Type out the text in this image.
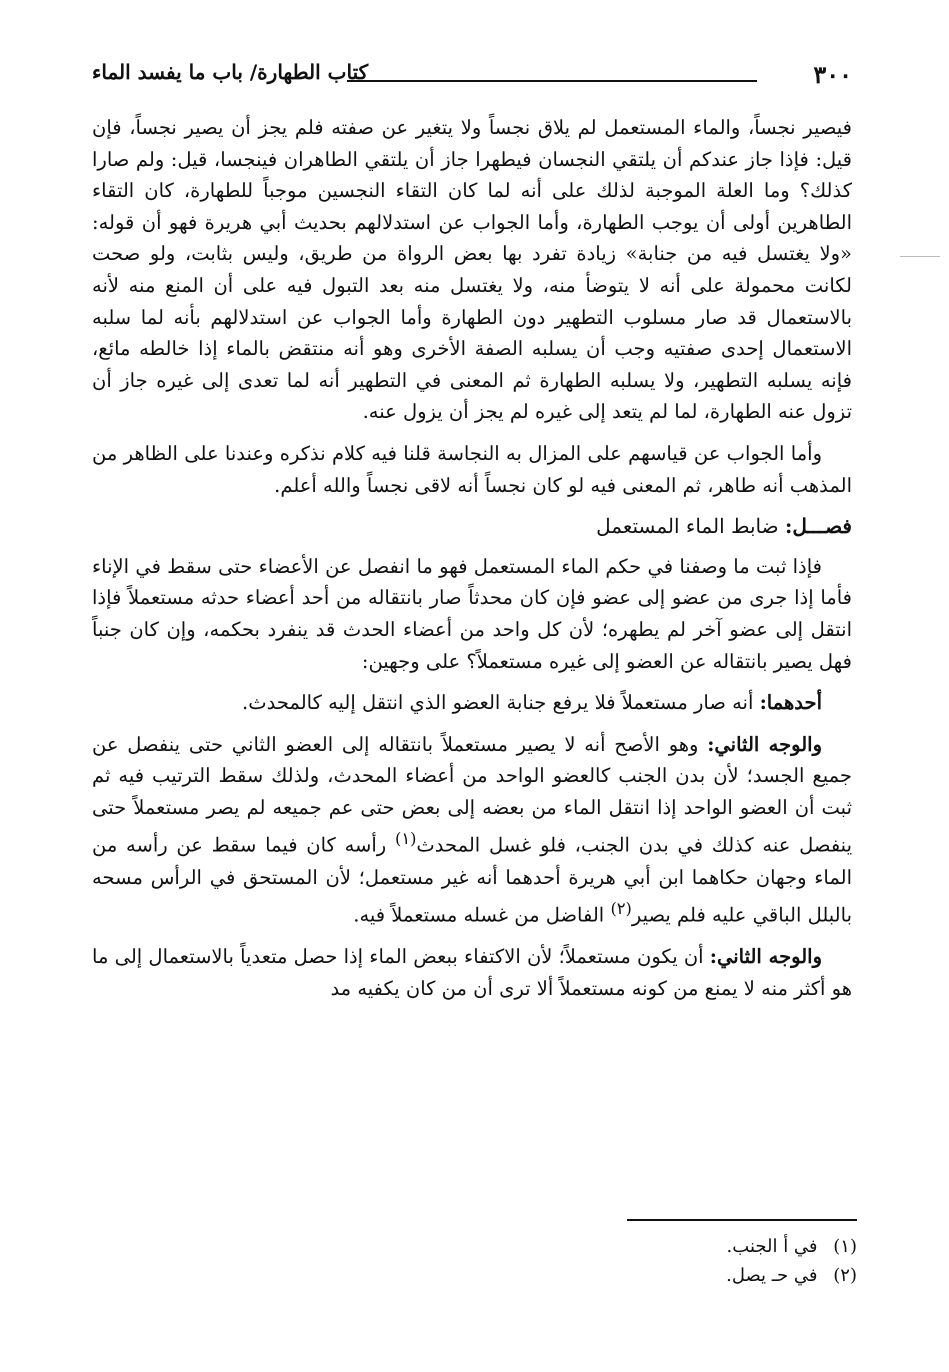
٣٠٠
كتاب الطهارة/ باب ما يفسد الماء

فيصير نجساً، والماء المستعمل لم يلاق نجساً ولا يتغير عن صفته فلم يجز أن يصير نجساً، فإن قيل: فإذا جاز عندكم أن يلتقي النجسان فيطهرا جاز أن يلتقي الطاهران فينجسا، قيل: ولم صارا كذلك؟ وما العلة الموجبة لذلك على أنه لما كان التقاء النجسين موجباً للطهارة، كان التقاء الطاهرين أولى أن يوجب الطهارة، وأما الجواب عن استدلالهم بحديث أبي هريرة فهو أن قوله: «ولا يغتسل فيه من جنابة» زيادة تفرد بها بعض الرواة من طريق، وليس بثابت، ولو صحت لكانت محمولة على أنه لا يتوضأ منه، ولا يغتسل منه بعد التبول فيه على أن المنع منه لأنه بالاستعمال قد صار مسلوب التطهير دون الطهارة وأما الجواب عن استدلالهم بأنه لما سلبه الاستعمال إحدى صفتيه وجب أن يسلبه الصفة الأخرى وهو أنه منتقض بالماء إذا خالطه مائع، فإنه يسلبه التطهير، ولا يسلبه الطهارة ثم المعنى في التطهير أنه لما تعدى إلى غيره جاز أن تزول عنه الطهارة، لما لم يتعد إلى غيره لم يجز أن يزول عنه.

وأما الجواب عن قياسهم على المزال به النجاسة قلنا فيه كلام نذكره وعندنا على الظاهر من المذهب أنه طاهر، ثم المعنى فيه لو كان نجساً أنه لاقى نجساً والله أعلم.

فصـــل: ضابط الماء المستعمل

فإذا ثبت ما وصفنا في حكم الماء المستعمل فهو ما انفصل عن الأعضاء حتى سقط في الإناء فأما إذا جرى من عضو إلى عضو فإن كان محدثاً صار بانتقاله من أحد أعضاء حدثه مستعملاً فإذا انتقل إلى عضو آخر لم يطهره؛ لأن كل واحد من أعضاء الحدث قد ينفرد بحكمه، وإن كان جنباً فهل يصير بانتقاله عن العضو إلى غيره مستعملاً؟ على وجهين:

أحدهما: أنه صار مستعملاً فلا يرفع جنابة العضو الذي انتقل إليه كالمحدث.

والوجه الثاني: وهو الأصح أنه لا يصير مستعملاً بانتقاله إلى العضو الثاني حتى ينفصل عن جميع الجسد؛ لأن بدن الجنب كالعضو الواحد من أعضاء المحدث، ولذلك سقط الترتيب فيه ثم ثبت أن العضو الواحد إذا انتقل الماء من بعضه إلى بعض حتى عم جميعه لم يصر مستعملاً حتى ينفصل عنه كذلك في بدن الجنب، فلو غسل المحدث$^{(١)}$ رأسه كان فيما سقط عن رأسه من الماء وجهان حكاهما ابن أبي هريرة أحدهما أنه غير مستعمل؛ لأن المستحق في الرأس مسحه بالبلل الباقي عليه فلم يصير$^{(٢)}$ الفاضل من غسله مستعملاً فيه.

والوجه الثاني: أن يكون مستعملاً؛ لأن الاكتفاء ببعض الماء إذا حصل متعدياً بالاستعمال إلى ما هو أكثر منه لا يمنع من كونه مستعملاً ألا ترى أن من كان يكفيه مد

(١) في أ الجنب.
(٢) في حـ يصل.
